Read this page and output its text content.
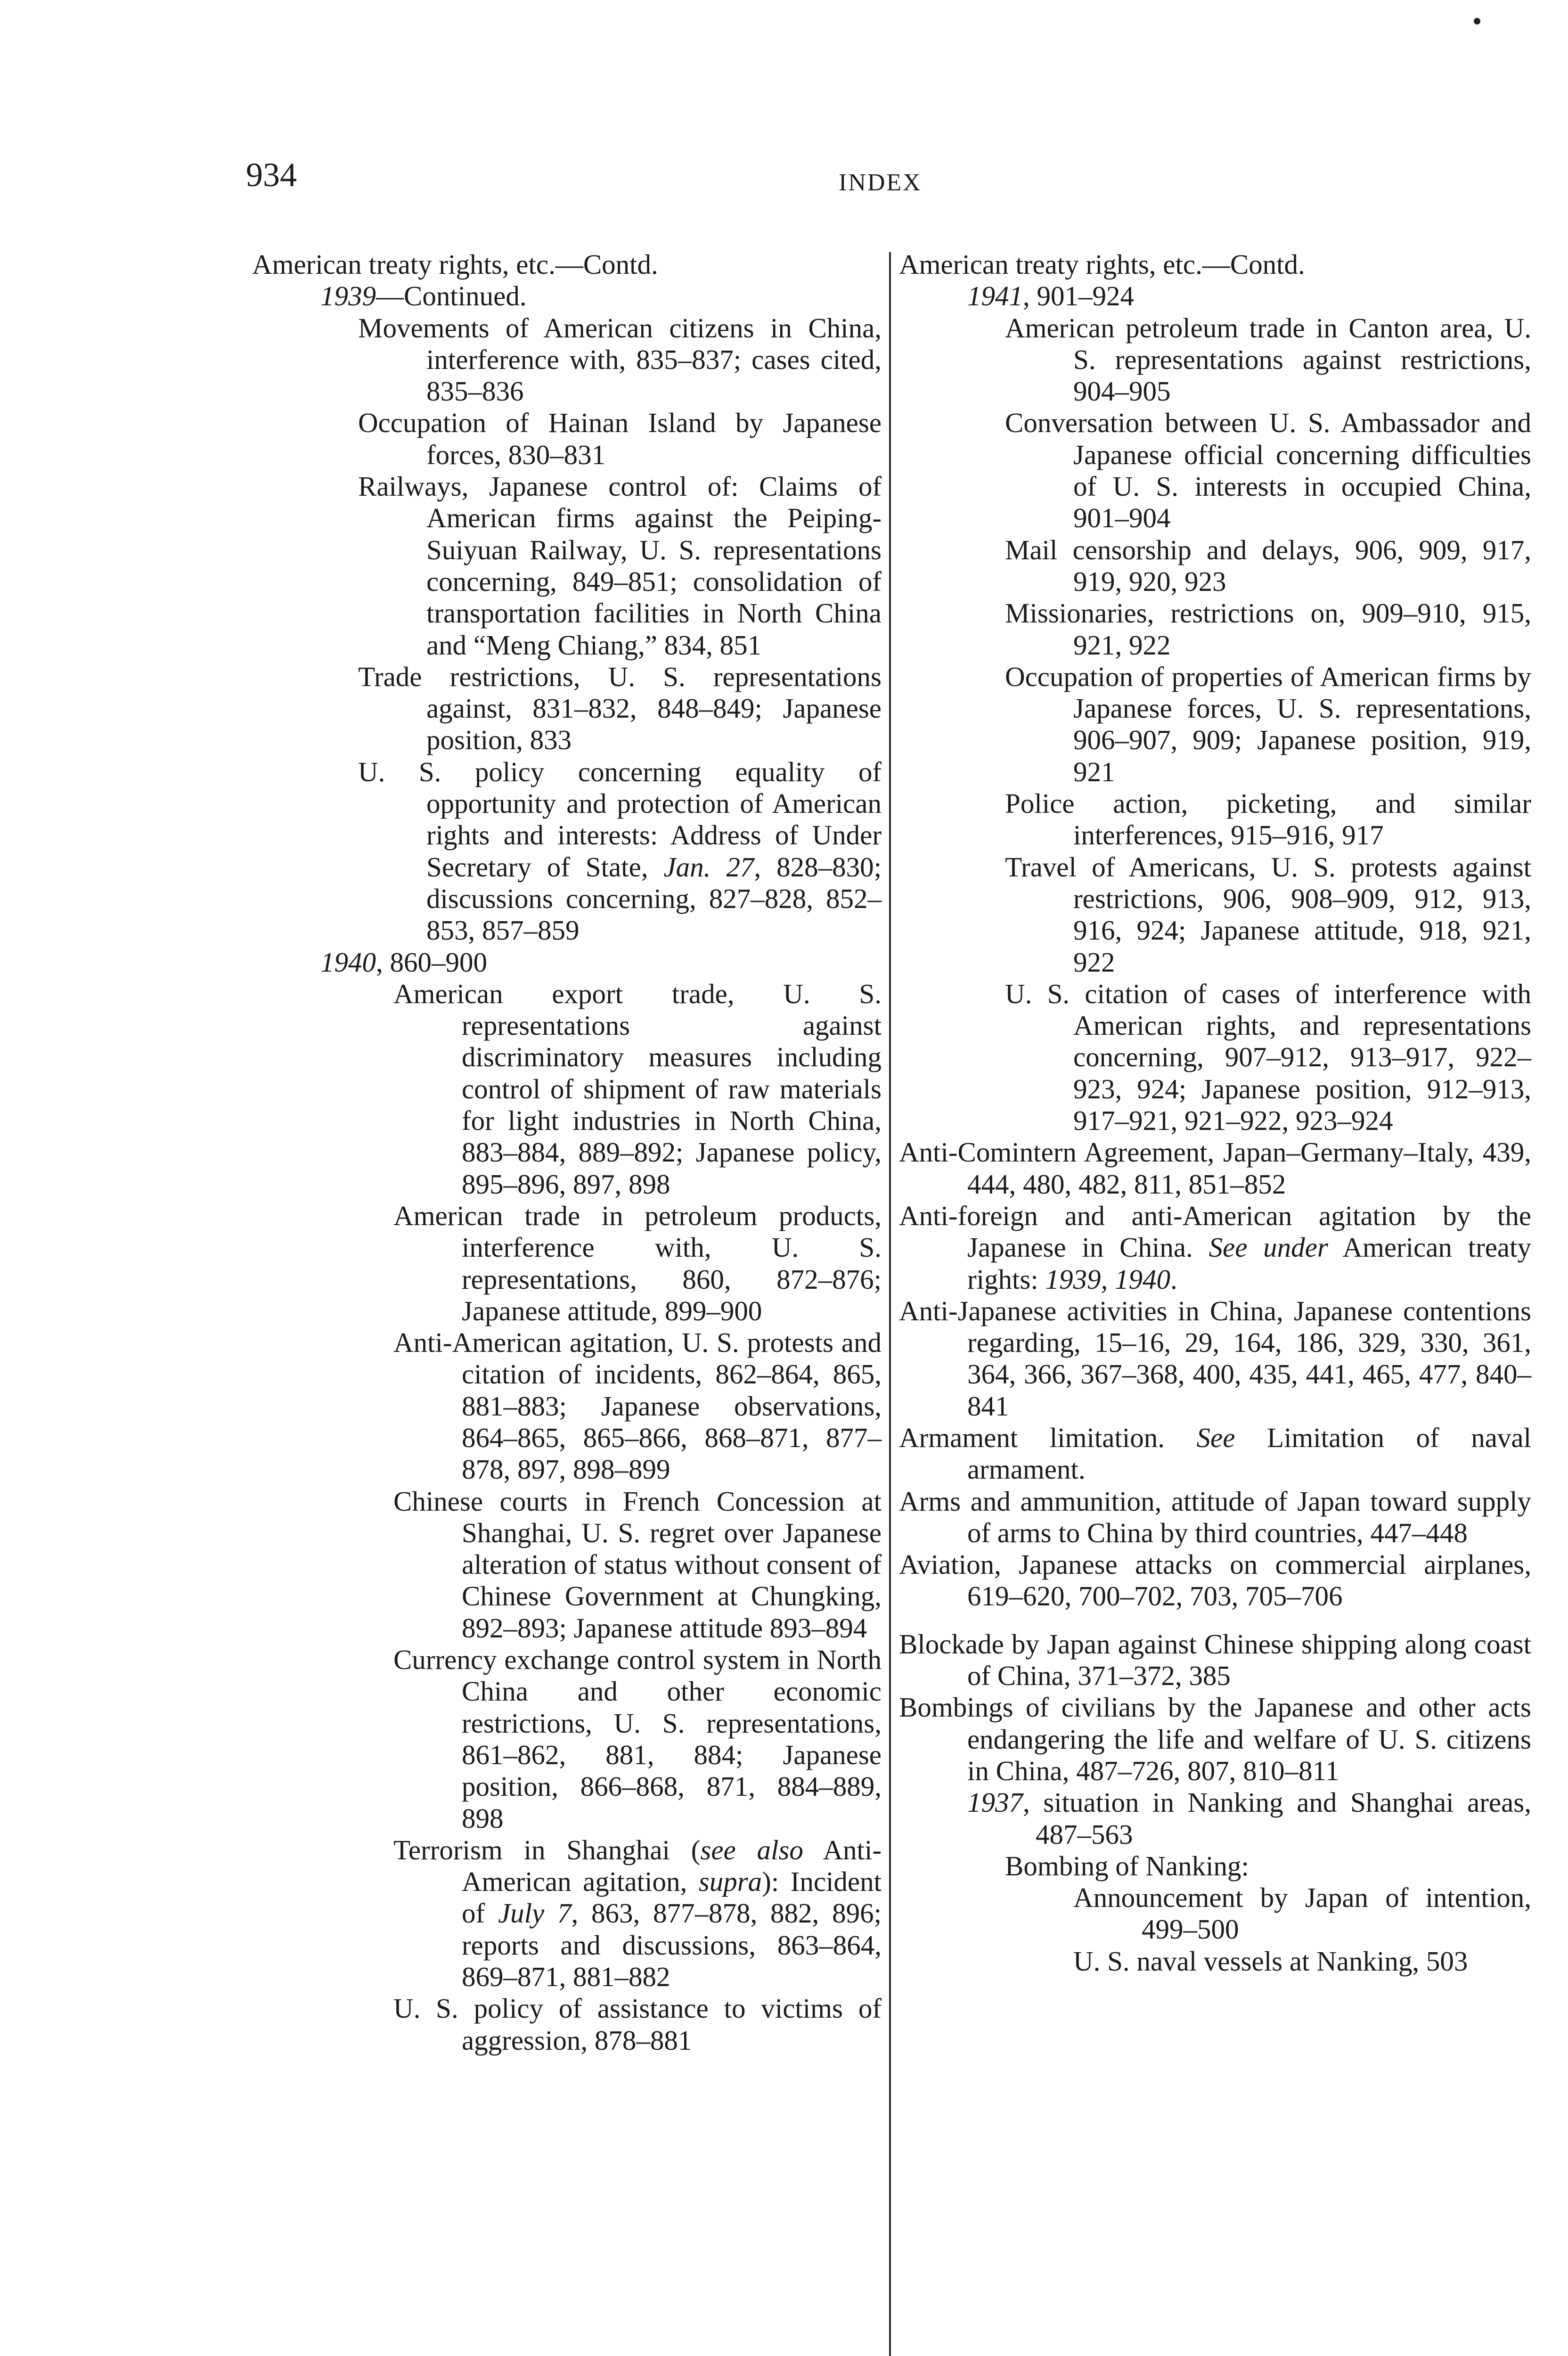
934	INDEX

American treaty rights, etc.—Contd.

1939—Continued.

Movements of American citizens in China, interference with, 835–837; cases cited, 835–836

Occupation of Hainan Island by Japanese forces, 830–831

Railways, Japanese control of: Claims of American firms against the Peiping-Suiyuan Railway, U. S. representations concerning, 849–851; consolidation of transportation facilities in North China and “Meng Chiang,” 834, 851

Trade restrictions, U. S. representations against, 831–832, 848–849; Japanese position, 833

U. S. policy concerning equality of opportunity and protection of American rights and interests: Address of Under Secretary of State, Jan. 27, 828–830; discussions concerning, 827–828, 852–853, 857–859

1940, 860–900

American export trade, U. S. representations against discriminatory measures including control of shipment of raw materials for light industries in North China, 883–884, 889–892; Japanese policy, 895–896, 897, 898

American trade in petroleum products, interference with, U. S. representations, 860, 872–876; Japanese attitude, 899–900

Anti-American agitation, U. S. protests and citation of incidents, 862–864, 865, 881–883; Japanese observations, 864–865, 865–866, 868–871, 877–878, 897, 898–899

Chinese courts in French Concession at Shanghai, U. S. regret over Japanese alteration of status without consent of Chinese Government at Chungking, 892–893; Japanese attitude 893–894

Currency exchange control system in North China and other economic restrictions, U. S. representations, 861–862, 881, 884; Japanese position, 866–868, 871, 884–889, 898

Terrorism in Shanghai (see also Anti-American agitation, supra): Incident of July 7, 863, 877–878, 882, 896; reports and discussions, 863–864, 869–871, 881–882

U. S. policy of assistance to victims of aggression, 878–881

American treaty rights, etc.—Contd.

1941, 901–924

American petroleum trade in Canton area, U. S. representations against restrictions, 904–905

Conversation between U. S. Ambassador and Japanese official concerning difficulties of U. S. interests in occupied China, 901–904

Mail censorship and delays, 906, 909, 917, 919, 920, 923

Missionaries, restrictions on, 909–910, 915, 921, 922

Occupation of properties of American firms by Japanese forces, U. S. representations, 906–907, 909; Japanese position, 919, 921

Police action, picketing, and similar interferences, 915–916, 917

Travel of Americans, U. S. protests against restrictions, 906, 908–909, 912, 913, 916, 924; Japanese attitude, 918, 921, 922

U. S. citation of cases of interference with American rights, and representations concerning, 907–912, 913–917, 922–923, 924; Japanese position, 912–913, 917–921, 921–922, 923–924

Anti-Comintern Agreement, Japan–Germany–Italy, 439, 444, 480, 482, 811, 851–852

Anti-foreign and anti-American agitation by the Japanese in China. See under American treaty rights: 1939, 1940.

Anti-Japanese activities in China, Japanese contentions regarding, 15–16, 29, 164, 186, 329, 330, 361, 364, 366, 367–368, 400, 435, 441, 465, 477, 840–841

Armament limitation. See Limitation of naval armament.

Arms and ammunition, attitude of Japan toward supply of arms to China by third countries, 447–448

Aviation, Japanese attacks on commercial airplanes, 619–620, 700–702, 703, 705–706

Blockade by Japan against Chinese shipping along coast of China, 371–372, 385

Bombings of civilians by the Japanese and other acts endangering the life and welfare of U. S. citizens in China, 487–726, 807, 810–811

1937, situation in Nanking and Shanghai areas, 487–563

Bombing of Nanking:

Announcement by Japan of intention, 499–500

U. S. naval vessels at Nanking, 503
